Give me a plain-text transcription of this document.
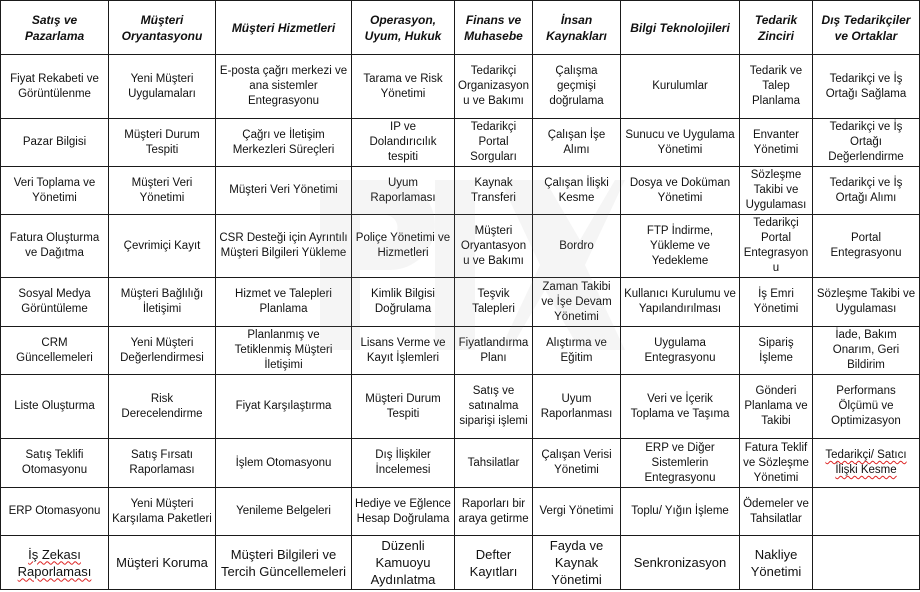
Satış ve Pazarlama	Müşteri Oryantasyonu	Müşteri Hizmetleri	Operasyon, Uyum, Hukuk	Finans ve Muhasebe	İnsan Kaynakları	Bilgi Teknolojileri	Tedarik Zinciri	Dış Tedarikçiler ve Ortaklar
Fiyat Rekabeti ve Görüntülenme	Yeni Müşteri Uygulamaları	E-posta çağrı merkezi ve ana sistemler Entegrasyonu	Tarama ve Risk Yönetimi	Tedarikçi Organizasyonu ve Bakımı	Çalışma geçmişi doğrulama	Kurulumlar	Tedarik ve Talep Planlama	Tedarikçi ve İş Ortağı Sağlama
Pazar Bilgisi	Müşteri Durum Tespiti	Çağrı ve İletişim Merkezleri Süreçleri	IP ve Dolandırıcılık tespiti	Tedarikçi Portal Sorguları	Çalışan İşe Alımı	Sunucu ve Uygulama Yönetimi	Envanter Yönetimi	Tedarikçi ve İş Ortağı Değerlendirme
Veri Toplama ve Yönetimi	Müşteri Veri Yönetimi	Müşteri Veri Yönetimi	Uyum Raporlaması	Kaynak Transferi	Çalışan İlişki Kesme	Dosya ve Doküman Yönetimi	Sözleşme Takibi ve Uygulaması	Tedarikçi ve İş Ortağı Alımı
Fatura Oluşturma ve Dağıtma	Çevrimiçi Kayıt	CSR Desteği için Ayrıntılı Müşteri Bilgileri Yükleme	Poliçe Yönetimi ve Hizmetleri	Müşteri Oryantasyonu ve Bakımı	Bordro	FTP İndirme, Yükleme ve Yedekleme	Tedarikçi Portal Entegrasyonu	Portal Entegrasyonu
Sosyal Medya Görüntüleme	Müşteri Bağlılığı İletişimi	Hizmet ve Talepleri Planlama	Kimlik Bilgisi Doğrulama	Teşvik Talepleri	Zaman Takibi ve İşe Devam Yönetimi	Kullanıcı Kurulumu ve Yapılandırılması	İş Emri Yönetimi	Sözleşme Takibi ve Uygulaması
CRM Güncellemeleri	Yeni Müşteri Değerlendirmesi	Planlanmış ve Tetiklenmiş Müşteri İletişimi	Lisans Verme ve Kayıt İşlemleri	Fiyatlandırma Planı	Alıştırma ve Eğitim	Uygulama Entegrasyonu	Sipariş İşleme	İade, Bakım Onarım, Geri Bildirim
Liste Oluşturma	Risk Derecelendirme	Fiyat Karşılaştırma	Müşteri Durum Tespiti	Satış ve satınalma siparişi işlemi	Uyum Raporlanması	Veri ve İçerik Toplama ve Taşıma	Gönderi Planlama ve Takibi	Performans Ölçümü ve Optimizasyon
Satış Teklifi Otomasyonu	Satış Fırsatı Raporlaması	İşlem Otomasyonu	Dış İlişkiler İncelemesi	Tahsilatlar	Çalışan Verisi Yönetimi	ERP ve Diğer Sistemlerin Entegrasyonu	Fatura Teklif ve Sözleşme Yönetimi	Tedarikçi/ Satıcı İlişki Kesme
ERP Otomasyonu	Yeni Müşteri Karşılama Paketleri	Yenileme Belgeleri	Hediye ve Eğlence Hesap Doğrulama	Raporları bir araya getirme	Vergi Yönetimi	Toplu/ Yığın İşleme	Ödemeler ve Tahsilatlar	
İş Zekası Raporlaması	Müşteri Koruma	Müşteri Bilgileri ve Tercih Güncellemeleri	Düzenli Kamuoyu Aydınlatma	Defter Kayıtları	Fayda ve Kaynak Yönetimi	Senkronizasyon	Nakliye Yönetimi	
